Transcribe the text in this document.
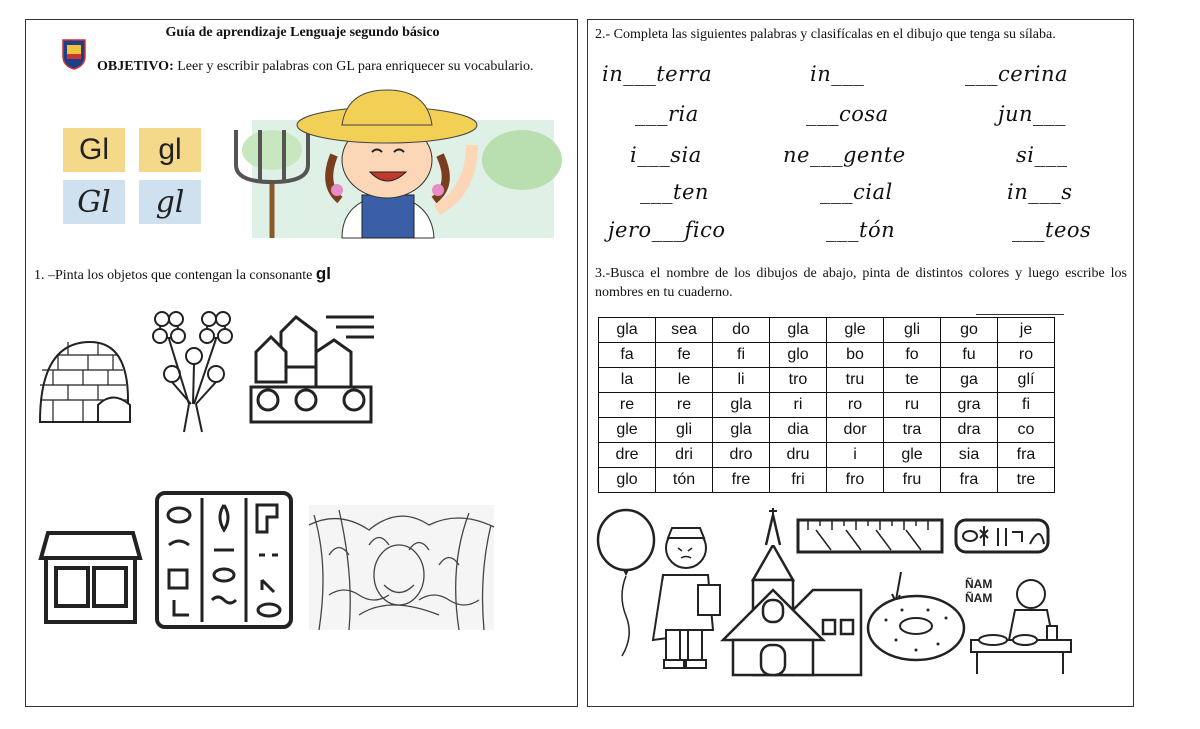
Guía de aprendizaje Lenguaje segundo básico
OBJETIVO: Leer y escribir palabras con GL para enriquecer su vocabulario.
Gl	gl
Gl	gl
1. –Pinta los objetos que contengan la consonante gl
2.- Completa las siguientes palabras y clasifícalas en el dibujo que tenga su sílaba.
in___terra	in___	___cerina
___ria	___cosa	jun___
i___sia	ne___gente	si___
___ten	___cial	in___s
jero___fico	___tón	___teos
3.-Busca el nombre de los dibujos de abajo, pinta de distintos colores y luego escribe los nombres en tu cuaderno.
gla	sea	do	gla	gle	gli	go	je
fa	fe	fi	glo	bo	fo	fu	ro
la	le	li	tro	tru	te	ga	glí
re	re	gla	ri	ro	ru	gra	fi
gle	gli	gla	dia	dor	tra	dra	co
dre	dri	dro	dru	i	gle	sia	fra
glo	tón	fre	fri	fro	fru	fra	tre
ÑAM
ÑAM
